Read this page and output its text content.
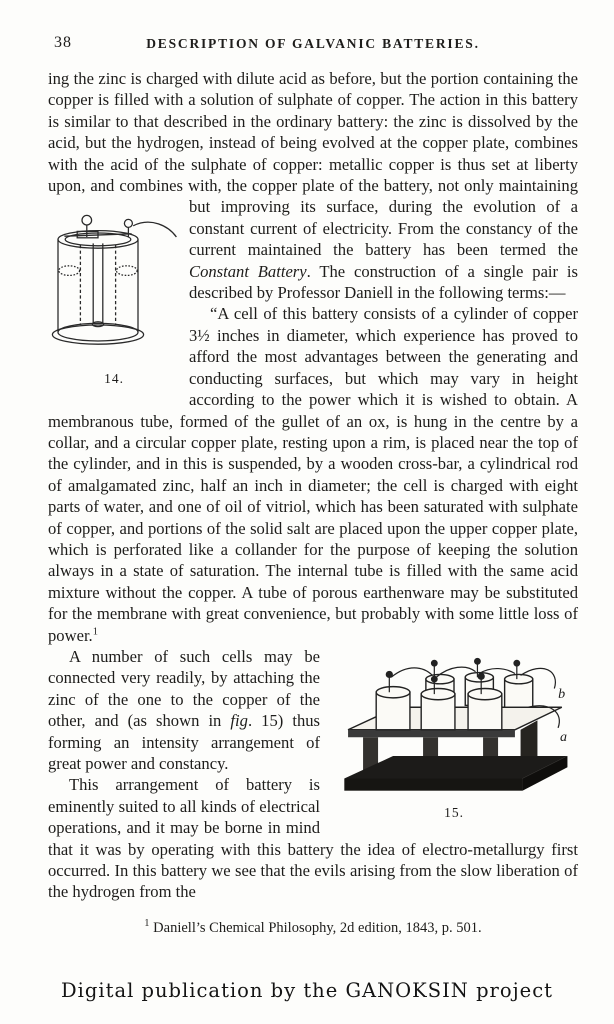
38	DESCRIPTION OF GALVANIC BATTERIES.

ing the zinc is charged with dilute acid as before, but the portion containing the copper is filled with a solution of sulphate of copper. The action in this battery is similar to that described in the ordinary battery: the zinc is dissolved by the acid, but the hydrogen, instead of being evolved at the copper plate, combines with the acid of the sulphate of copper: metallic copper is thus set at liberty upon, and combines with, the copper plate of the battery, not only maintaining but improving its surface, during the evolution of a
14.
constant current of electricity. From the constancy of the current maintained the battery has been termed the Constant Battery. The construction of a single pair is described by Professor Daniell in the following terms:—

“A cell of this battery consists of a cylinder of copper 3½ inches in diameter, which experience has proved to afford the most advantages between the generating and conducting surfaces, but which may vary in height according to the power which it is wished to obtain. A membranous tube, formed of the gullet of an ox, is hung in the centre by a collar, and a circular copper plate, resting upon a rim, is placed near the top of the cylinder, and in this is suspended, by a wooden cross-bar, a cylindrical rod of amalgamated zinc, half an inch in diameter; the cell is charged with eight parts of water, and one of oil of vitriol, which has been saturated with sulphate of copper, and portions of the solid salt are placed upon the upper copper plate, which is perforated like a collander for the purpose of keeping the solution always in a state of saturation. The internal tube is filled with the same acid mixture without the copper. A tube of porous earthenware may be substituted for the membrane with great convenience, but probably with some little loss of power.$^1$

b
a
15.
A number of such cells may be connected very readily, by attaching the zinc of the one to the copper of the other, and (as shown in fig. 15) thus forming an intensity arrangement of great power and constancy.

This arrangement of battery is eminently suited to all kinds of electrical operations, and it may be borne in mind that it was by operating with this battery the idea of electro-metallurgy first occurred. In this battery we see that the evils arising from the slow liberation of the hydrogen from the

$^1$ Daniell’s Chemical Philosophy, 2d edition, 1843, p. 501.
Digital publication by the GANOKSIN project
